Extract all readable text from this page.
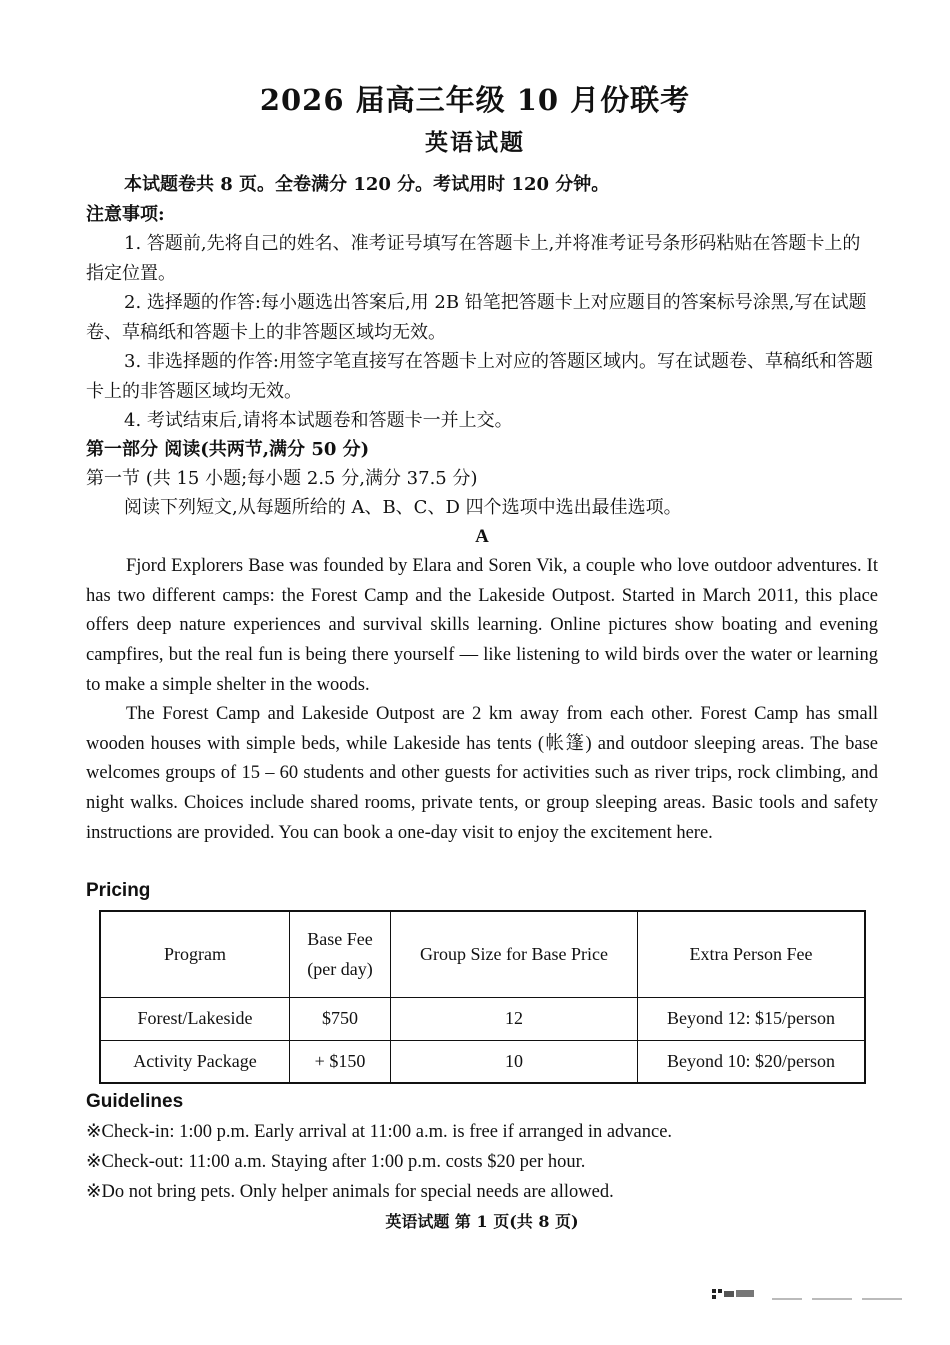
2026 届高三年级 10 月份联考
英语试题
本试题卷共 8 页。全卷满分 120 分。考试用时 120 分钟。
注意事项:
1. 答题前,先将自己的姓名、准考证号填写在答题卡上,并将准考证号条形码粘贴在答题卡上的指定位置。
2. 选择题的作答:每小题选出答案后,用 2B 铅笔把答题卡上对应题目的答案标号涂黑,写在试题卷、草稿纸和答题卡上的非答题区域均无效。
3. 非选择题的作答:用签字笔直接写在答题卡上对应的答题区域内。写在试题卷、草稿纸和答题卡上的非答题区域均无效。
4. 考试结束后,请将本试题卷和答题卡一并上交。
第一部分 阅读(共两节,满分 50 分)
第一节 (共 15 小题;每小题 2.5 分,满分 37.5 分)
阅读下列短文,从每题所给的 A、B、C、D 四个选项中选出最佳选项。
A
Fjord Explorers Base was founded by Elara and Soren Vik, a couple who love outdoor adventures. It has two different camps: the Forest Camp and the Lakeside Outpost. Started in March 2011, this place offers deep nature experiences and survival skills learning. Online pictures show boating and evening campfires, but the real fun is being there yourself — like listening to wild birds over the water or learning to make a simple shelter in the woods.
The Forest Camp and Lakeside Outpost are 2 km away from each other. Forest Camp has small wooden houses with simple beds, while Lakeside has tents (帐篷) and outdoor sleeping areas. The base welcomes groups of 15 – 60 students and other guests for activities such as river trips, rock climbing, and night walks. Choices include shared rooms, private tents, or group sleeping areas. Basic tools and safety instructions are provided. You can book a one-day visit to enjoy the excitement here.
Pricing
Program	Base Fee (per day)	Group Size for Base Price	Extra Person Fee
Forest/Lakeside	$750	12	Beyond 12: $15/person
Activity Package	+ $150	10	Beyond 10: $20/person
Guidelines
※Check-in: 1:00 p.m. Early arrival at 11:00 a.m. is free if arranged in advance.
※Check-out: 11:00 a.m. Staying after 1:00 p.m. costs $20 per hour.
※Do not bring pets. Only helper animals for special needs are allowed.
英语试题 第 1 页(共 8 页)
